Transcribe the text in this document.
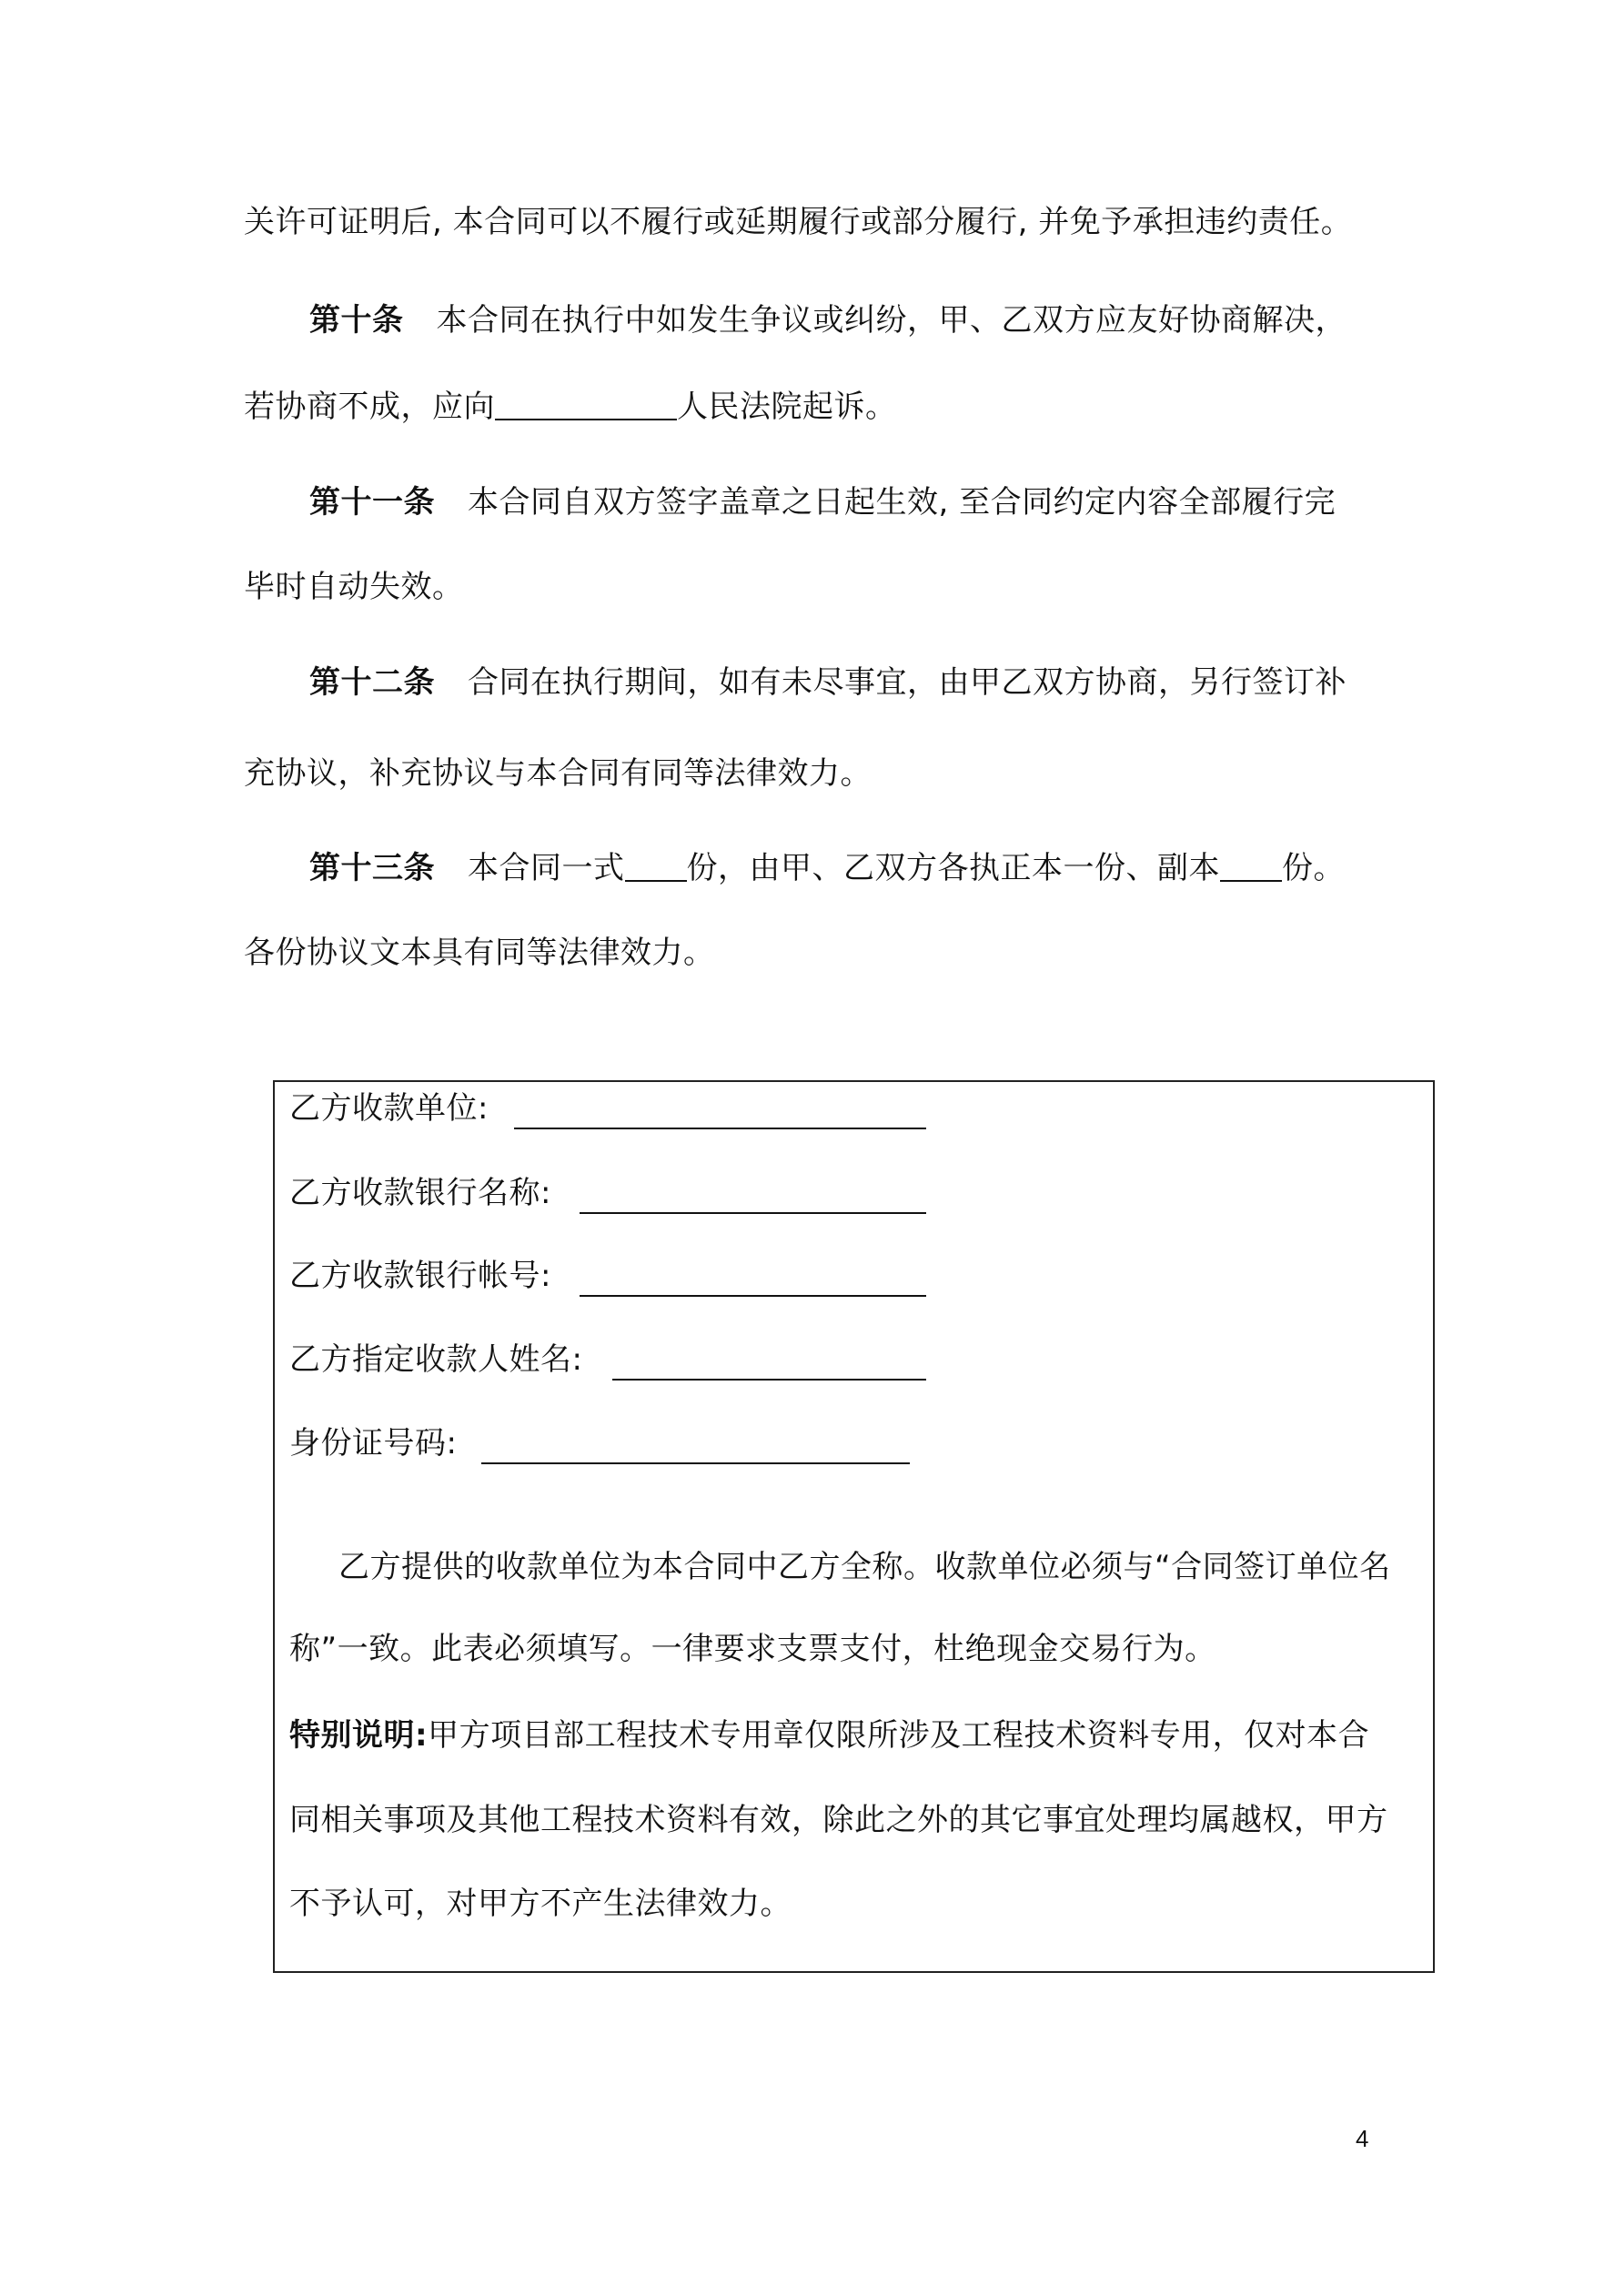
关许可证明后, 本合同可以不履行或延期履行或部分履行, 并免予承担违约责任。
第十条 本合同在执行中如发生争议或纠纷，甲、乙双方应友好协商解决，
若协商不成，应向	人民法院起诉。
第十一条 本合同自双方签字盖章之日起生效, 至合同约定内容全部履行完
毕时自动失效。
第十二条 合同在执行期间，如有未尽事宜，由甲乙双方协商，另行签订补
充协议，补充协议与本合同有同等法律效力。
第十三条 本合同一式 份，由甲、乙双方各执正本一份、副本 份。
各份协议文本具有同等法律效力。
乙方收款单位:
乙方收款银行名称:
乙方收款银行帐号:
乙方指定收款人姓名:
身份证号码:
乙方提供的收款单位为本合同中乙方全称。收款单位必须与“合同签订单位名
称”一致。此表必须填写。一律要求支票支付，杜绝现金交易行为。
特别说明:甲方项目部工程技术专用章仅限所涉及工程技术资料专用，仅对本合
同相关事项及其他工程技术资料有效，除此之外的其它事宜处理均属越权，甲方
不予认可，对甲方不产生法律效力。
4
